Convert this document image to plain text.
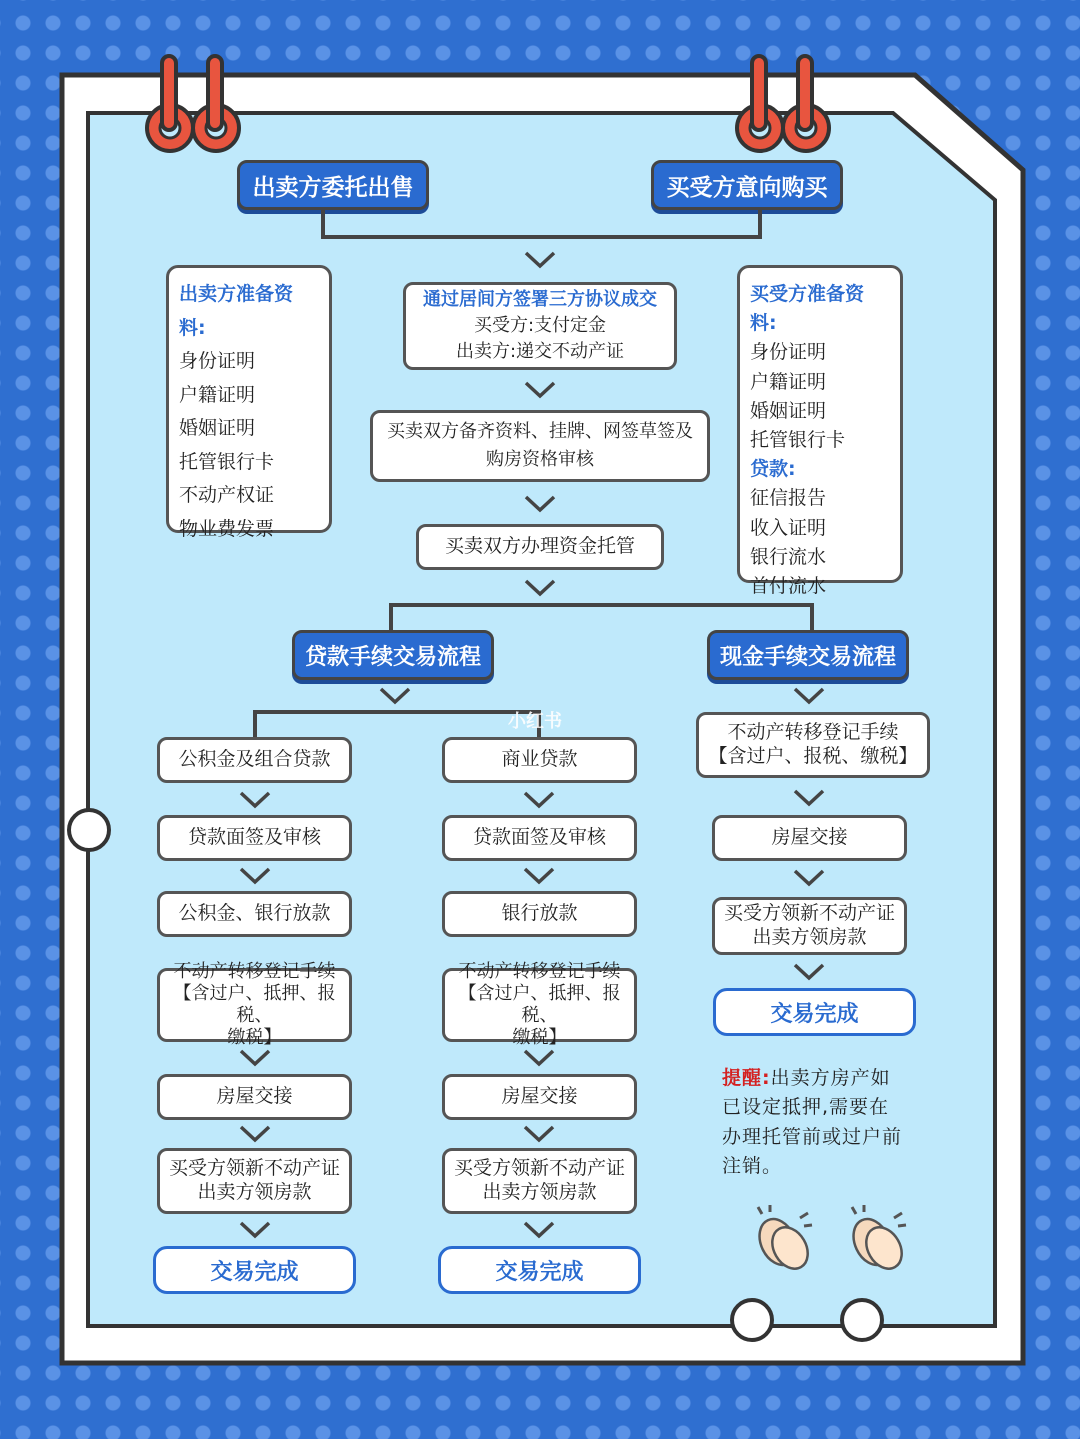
出卖方委托出售	买受方意向购买
出卖方准备资料:
身份证明
户籍证明
婚姻证明
托管银行卡
不动产权证
物业费发票
买受方准备资料:
身份证明
户籍证明
婚姻证明
托管银行卡
贷款:
征信报告
收入证明
银行流水
首付流水
通过居间方签署三方协议成交
买受方:支付定金
出卖方:递交不动产证
买卖双方备齐资料、挂牌、网签草签及
购房资格审核
买卖双方办理资金托管
贷款手续交易流程	现金手续交易流程
小红书
公积金及组合贷款
贷款面签及审核
公积金、银行放款
不动产转移登记手续
【含过户、抵押、报税、
缴税】
房屋交接
买受方领新不动产证
出卖方领房款
交易完成
商业贷款
贷款面签及审核
银行放款
不动产转移登记手续
【含过户、抵押、报税、
缴税】
房屋交接
买受方领新不动产证
出卖方领房款
交易完成
不动产转移登记手续
【含过户、报税、缴税】
房屋交接
买受方领新不动产证
出卖方领房款
交易完成
提醒:出卖方房产如
已设定抵押,需要在
办理托管前或过户前
注销。
